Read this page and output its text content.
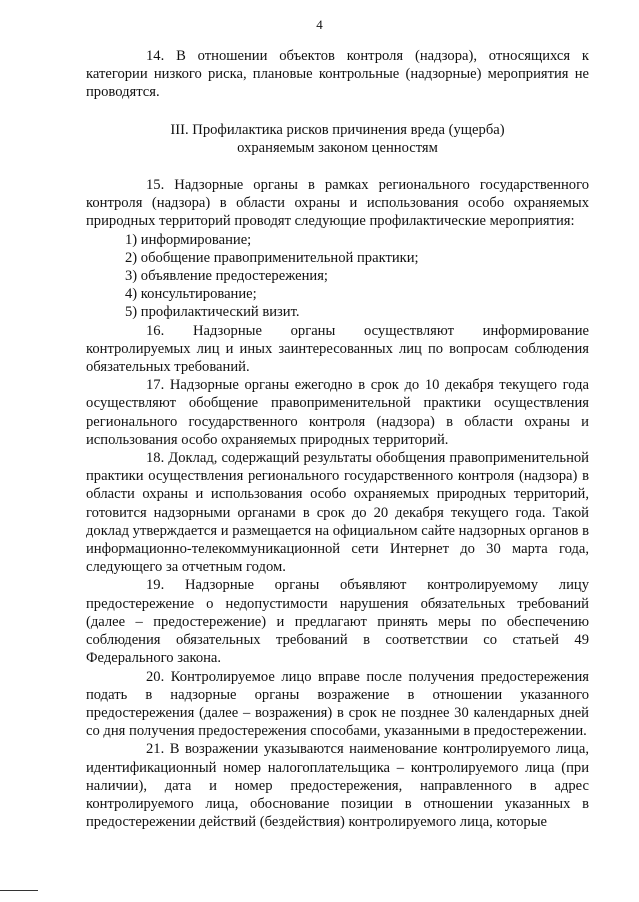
4

14. В отношении объектов контроля (надзора), относящихся к категории низкого риска, плановые контрольные (надзорные) мероприятия не проводятся.

III. Профилактика рисков причинения вреда (ущерба)
охраняемым законом ценностям

15. Надзорные органы в рамках регионального государственного контроля (надзора) в области охраны и использования особо охраняемых природных территорий проводят следующие профилактические мероприятия:

1) информирование;

2) обобщение правоприменительной практики;

3) объявление предостережения;

4) консультирование;

5) профилактический визит.

16. Надзорные органы осуществляют информирование контролируемых лиц и иных заинтересованных лиц по вопросам соблюдения обязательных требований.

17. Надзорные органы ежегодно в срок до 10 декабря текущего года осуществляют обобщение правоприменительной практики осуществления регионального государственного контроля (надзора) в области охраны и использования особо охраняемых природных территорий.

18. Доклад, содержащий результаты обобщения правоприменительной практики осуществления регионального государственного контроля (надзора) в области охраны и использования особо охраняемых природных территорий, готовится надзорными органами в срок до 20 декабря текущего года. Такой доклад утверждается и размещается на официальном сайте надзорных органов в информационно-телекоммуникационной сети Интернет до 30 марта года, следующего за отчетным годом.

19. Надзорные органы объявляют контролируемому лицу предостережение о недопустимости нарушения обязательных требований (далее – предостережение) и предлагают принять меры по обеспечению соблюдения обязательных требований в соответствии со статьей 49 Федерального закона.

20. Контролируемое лицо вправе после получения предостережения подать в надзорные органы возражение в отношении указанного предостережения (далее – возражения) в срок не позднее 30 календарных дней со дня получения предостережения способами, указанными в предостережении.

21. В возражении указываются наименование контролируемого лица, идентификационный номер налогоплательщика – контролируемого лица (при наличии), дата и номер предостережения, направленного в адрес контролируемого лица, обоснование позиции в отношении указанных в предостережении действий (бездействия) контролируемого лица, которые
